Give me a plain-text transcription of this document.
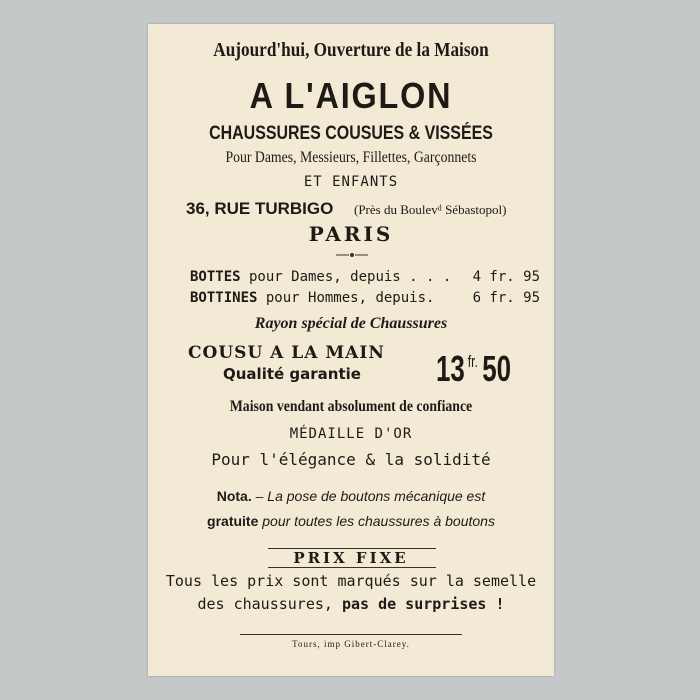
Aujourd'hui, Ouverture de la Maison
A L'AIGLON
CHAUSSURES COUSUES & VISSÉES
Pour Dames, Messieurs, Fillettes, Garçonnets
ET ENFANTS
36, RUE TURBIGO (Près du Boulevᵈ Sébastopol)
PARIS
BOTTES pour Dames, depuis . . . 4 fr. 95
BOTTINES pour Hommes, depuis.	6 fr. 95
Rayon spécial de Chaussures
COUSU A LA MAIN
Qualité garantie 13 $^{fr.}$ 50
Maison vendant absolument de confiance
MÉDAILLE D'OR
Pour l'élégance & la solidité
Nota. – La pose de boutons mécanique est
gratuite pour toutes les chaussures à boutons
PRIX FIXE
Tous les prix sont marqués sur la semelle
des chaussures, pas de surprises !
Tours, imp Gibert-Clarey.
